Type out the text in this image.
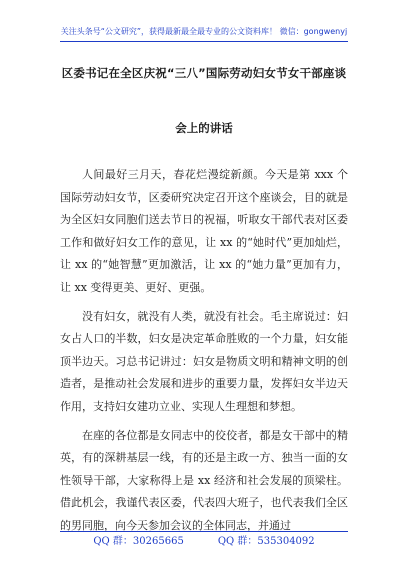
关注头条号“公文研究”，获得最新最全最专业的公文资料库！ 微信：gongwenyj
区委书记在全区庆祝“三八”国际劳动妇女节女干部座谈
会上的讲话

人间最好三月天，春花烂漫绽新颜。今天是第 xxx 个国际劳动妇女节，区委研究决定召开这个座谈会，目的就是为全区妇女同胞们送去节日的祝福，听取女干部代表对区委工作和做好妇女工作的意见，让 xx 的“她时代”更加灿烂，让 xx 的“她智慧”更加激活，让 xx 的“她力量”更加有力，让 xx 变得更美、更好、更强。

没有妇女，就没有人类，就没有社会。毛主席说过：妇女占人口的半数，妇女是决定革命胜败的一个力量，妇女能顶半边天。习总书记讲过：妇女是物质文明和精神文明的创造者，是推动社会发展和进步的重要力量，发挥妇女半边天作用，支持妇女建功立业、实现人生理想和梦想。

在座的各位都是女同志中的佼佼者，都是女干部中的精英，有的深耕基层一线，有的还是主政一方、独当一面的女性领导干部，大家称得上是 xx 经济和社会发展的顶梁柱。借此机会，我谨代表区委，代表四大班子，也代表我们全区的男同胞，向今天参加会议的全体同志，并通过

QQ 群：30265665	QQ 群：535304092
